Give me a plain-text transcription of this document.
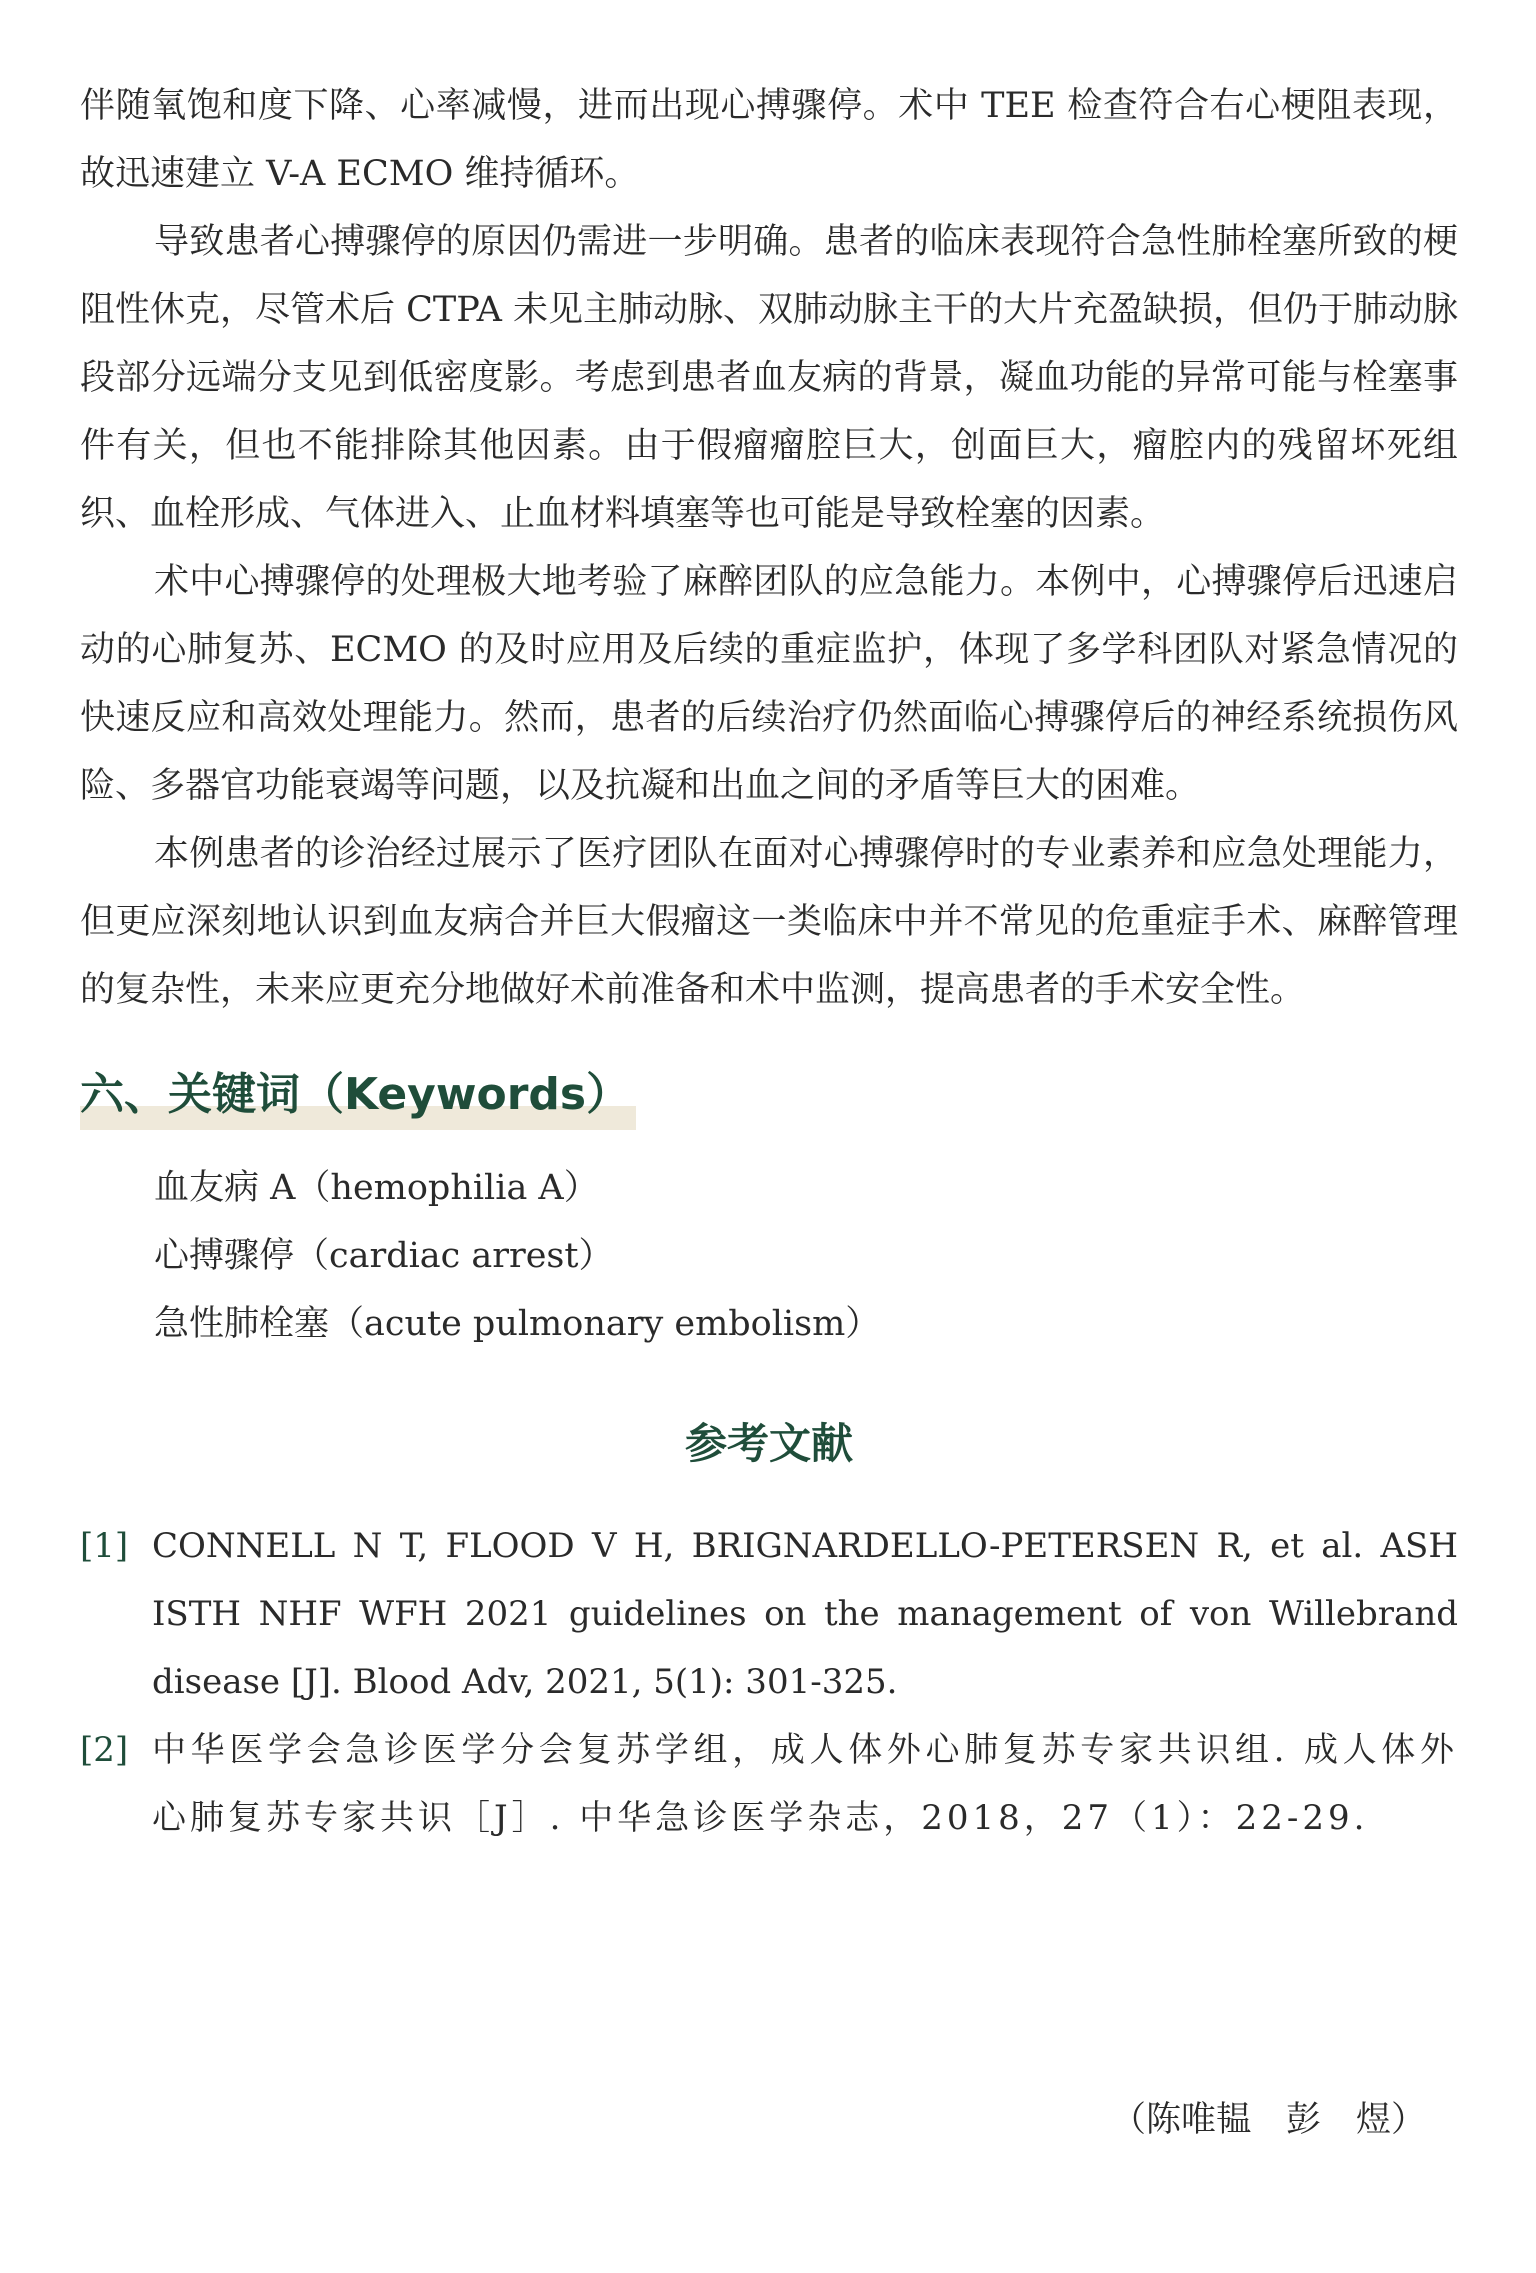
伴随氧饱和度下降、心率减慢，进而出现心搏骤停。术中 TEE 检查符合右心梗阻表现，故迅速建立 V-A ECMO 维持循环。

导致患者心搏骤停的原因仍需进一步明确。患者的临床表现符合急性肺栓塞所致的梗阻性休克，尽管术后 CTPA 未见主肺动脉、双肺动脉主干的大片充盈缺损，但仍于肺动脉段部分远端分支见到低密度影。考虑到患者血友病的背景，凝血功能的异常可能与栓塞事件有关，但也不能排除其他因素。由于假瘤瘤腔巨大，创面巨大，瘤腔内的残留坏死组织、血栓形成、气体进入、止血材料填塞等也可能是导致栓塞的因素。

术中心搏骤停的处理极大地考验了麻醉团队的应急能力。本例中，心搏骤停后迅速启动的心肺复苏、ECMO 的及时应用及后续的重症监护，体现了多学科团队对紧急情况的快速反应和高效处理能力。然而，患者的后续治疗仍然面临心搏骤停后的神经系统损伤风险、多器官功能衰竭等问题，以及抗凝和出血之间的矛盾等巨大的困难。

本例患者的诊治经过展示了医疗团队在面对心搏骤停时的专业素养和应急处理能力，但更应深刻地认识到血友病合并巨大假瘤这一类临床中并不常见的危重症手术、麻醉管理的复杂性，未来应更充分地做好术前准备和术中监测，提高患者的手术安全性。

六、关键词（Keywords）
血友病 A（hemophilia A）
心搏骤停（cardiac arrest）
急性肺栓塞（acute pulmonary embolism）
参考文献
[1] CONNELL N T, FLOOD V H, BRIGNARDELLO-PETERSEN R, et al. ASH ISTH NHF WFH 2021 guidelines on the management of von Willebrand disease [J]. Blood Adv, 2021, 5(1): 301-325.
[2] 中华医学会急诊医学分会复苏学组，成人体外心肺复苏专家共识组. 成人体外心肺复苏专家共识［J］. 中华急诊医学杂志，2018，27（1）：22-29.
（陈唯韫　彭　煜）
